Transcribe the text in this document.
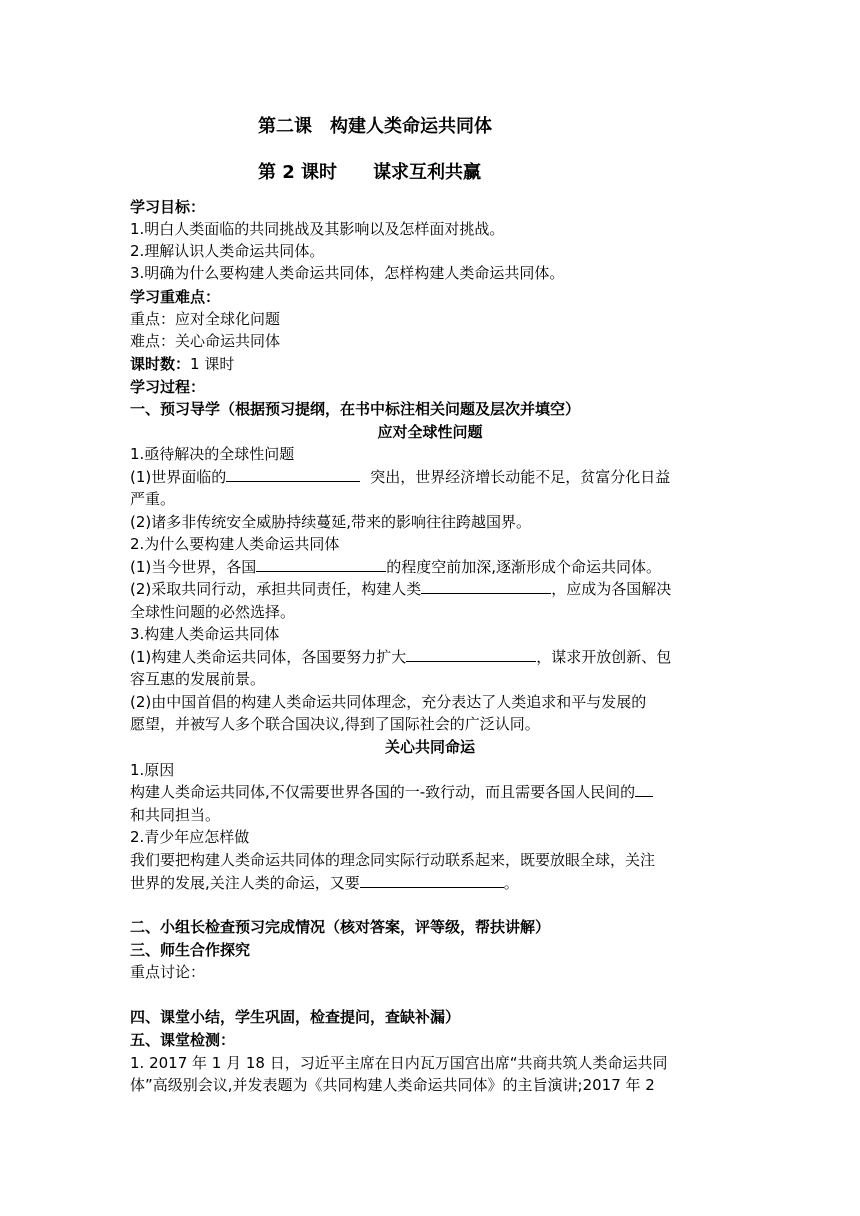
第二课　构建人类命运共同体
第 2 课时 谋求互利共赢
学习目标：
1.明白人类面临的共同挑战及其影响以及怎样面对挑战。
2.理解认识人类命运共同体。
3.明确为什么要构建人类命运共同体，怎样构建人类命运共同体。
学习重难点：
重点：应对全球化问题
难点：关心命运共同体
课时数：1 课时
学习过程：
一、预习导学（根据预习提纲，在书中标注相关问题及层次并填空）
应对全球性问题
1.亟待解决的全球性问题
(1)世界面临的	突出，世界经济增长动能不足，贫富分化日益
严重。
(2)诸多非传统安全威胁持续蔓延,带来的影响往往跨越国界。
2.为什么要构建人类命运共同体
(1)当今世界，各国	的程度空前加深,逐渐形成个命运共同体。
(2)采取共同行动，承担共同责任，构建人类	，应成为各国解决
全球性问题的必然选择。
3.构建人类命运共同体
(1)构建人类命运共同体，各国要努力扩大	，谋求开放创新、包
容互惠的发展前景。
(2)由中国首倡的构建人类命运共同体理念，充分表达了人类追求和平与发展的
愿望，并被写人多个联合国决议,得到了国际社会的广泛认同。
关心共同命运
1.原因
构建人类命运共同体,不仅需要世界各国的一-致行动，而且需要各国人民间的
和共同担当。
2.青少年应怎样做
我们要把构建人类命运共同体的理念同实际行动联系起来，既要放眼全球，关注
世界的发展,关注人类的命运，又要	。
二、小组长检查预习完成情况（核对答案，评等级，帮扶讲解）
三、师生合作探究
重点讨论：
四、课堂小结，学生巩固，检查提问，查缺补漏）
五、课堂检测：
1. 2017 年 1 月 18 日，习近平主席在日内瓦万国宫出席“共商共筑人类命运共同
体”高级别会议,并发表题为《共同构建人类命运共同体》的主旨演讲;2017 年 2
